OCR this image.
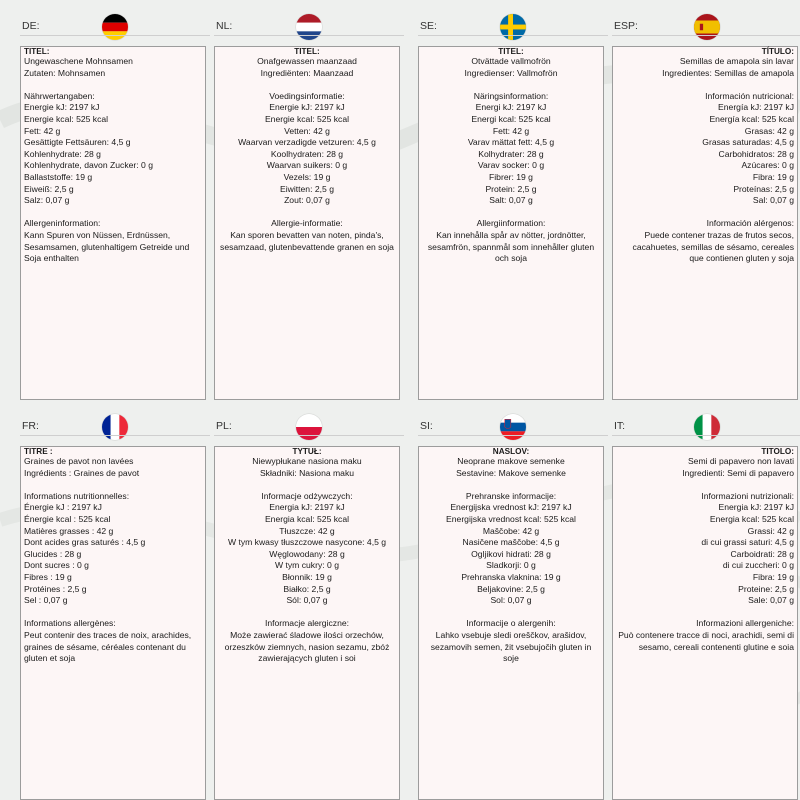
DE:
TITEL:
Ungewaschene Mohnsamen
Zutaten: Mohnsamen
Nährwertangaben:
Energie kJ: 2197 kJ
Energie kcal: 525 kcal
Fett: 42 g
Gesättigte Fettsäuren: 4,5 g
Kohlenhydrate: 28 g
Kohlenhydrate, davon Zucker: 0 g
Ballaststoffe: 19 g
Eiweiß: 2,5 g
Salz: 0,07 g
Allergeninformation:
Kann Spuren von Nüssen, Erdnüssen, Sesamsamen, glutenhaltigem Getreide und Soja enthalten
NL:
TITEL:
Onafgewassen maanzaad
Ingrediënten: Maanzaad
Voedingsinformatie:
Energie kJ: 2197 kJ
Energie kcal: 525 kcal
Vetten: 42 g
Waarvan verzadigde vetzuren: 4,5 g
Koolhydraten: 28 g
Waarvan suikers: 0 g
Vezels: 19 g
Eiwitten: 2,5 g
Zout: 0,07 g
Allergie-informatie:
Kan sporen bevatten van noten, pinda's, sesamzaad, glutenbevattende granen en soja
SE:
TITEL:
Otvättade vallmofrön
Ingredienser: Vallmofrön
Näringsinformation:
Energi kJ: 2197 kJ
Energi kcal: 525 kcal
Fett: 42 g
Varav mättat fett: 4,5 g
Kolhydrater: 28 g
Varav socker: 0 g
Fibrer: 19 g
Protein: 2,5 g
Salt: 0,07 g
Allergiinformation:
Kan innehålla spår av nötter, jordnötter, sesamfrön, spannmål som innehåller gluten och soja
ESP:
TÍTULO:
Semillas de amapola sin lavar
Ingredientes: Semillas de amapola
Información nutricional:
Energía kJ: 2197 kJ
Energía kcal: 525 kcal
Grasas: 42 g
Grasas saturadas: 4,5 g
Carbohidratos: 28 g
Azúcares: 0 g
Fibra: 19 g
Proteínas: 2,5 g
Sal: 0,07 g
Información alérgenos:
Puede contener trazas de frutos secos, cacahuetes, semillas de sésamo, cereales que contienen gluten y soja
FR:
TITRE :
Graines de pavot non lavées
Ingrédients : Graines de pavot
Informations nutritionnelles:
Énergie kJ : 2197 kJ
Énergie kcal : 525 kcal
Matières grasses : 42 g
Dont acides gras saturés : 4,5 g
Glucides : 28 g
Dont sucres : 0 g
Fibres : 19 g
Protéines : 2,5 g
Sel : 0,07 g
Informations allergènes:
Peut contenir des traces de noix, arachides, graines de sésame, céréales contenant du gluten et soja
PL:
TYTUŁ:
Niewypłukane nasiona maku
Składniki: Nasiona maku
Informacje odżywczych:
Energia kJ: 2197 kJ
Energia kcal: 525 kcal
Tłuszcze: 42 g
W tym kwasy tłuszczowe nasycone: 4,5 g
Węglowodany: 28 g
W tym cukry: 0 g
Błonnik: 19 g
Białko: 2,5 g
Sól: 0,07 g
Informacje alergiczne:
Może zawierać śladowe ilości orzechów, orzeszków ziemnych, nasion sezamu, zbóż zawierających gluten i soi
SI:
NASLOV:
Neoprane makove semenke
Sestavine: Makove semenke
Prehranske informacije:
Energijska vrednost kJ: 2197 kJ
Energijska vrednost kcal: 525 kcal
Maščobe: 42 g
Nasičene maščobe: 4,5 g
Ogljikovi hidrati: 28 g
Sladkorji: 0 g
Prehranska vlaknina: 19 g
Beljakovine: 2,5 g
Sol: 0,07 g
Informacije o alergenih:
Lahko vsebuje sledi oreščkov, arašidov, sezamovih semen, žit vsebujočih gluten in soje
IT:
TITOLO:
Semi di papavero non lavati
Ingredienti: Semi di papavero
Informazioni nutrizionali:
Energia kJ: 2197 kJ
Energia kcal: 525 kcal
Grassi: 42 g
di cui grassi saturi: 4,5 g
Carboidrati: 28 g
di cui zuccheri: 0 g
Fibra: 19 g
Proteine: 2,5 g
Sale: 0,07 g
Informazioni allergeniche:
Può contenere tracce di noci, arachidi, semi di sesamo, cereali contenenti glutine e soia
